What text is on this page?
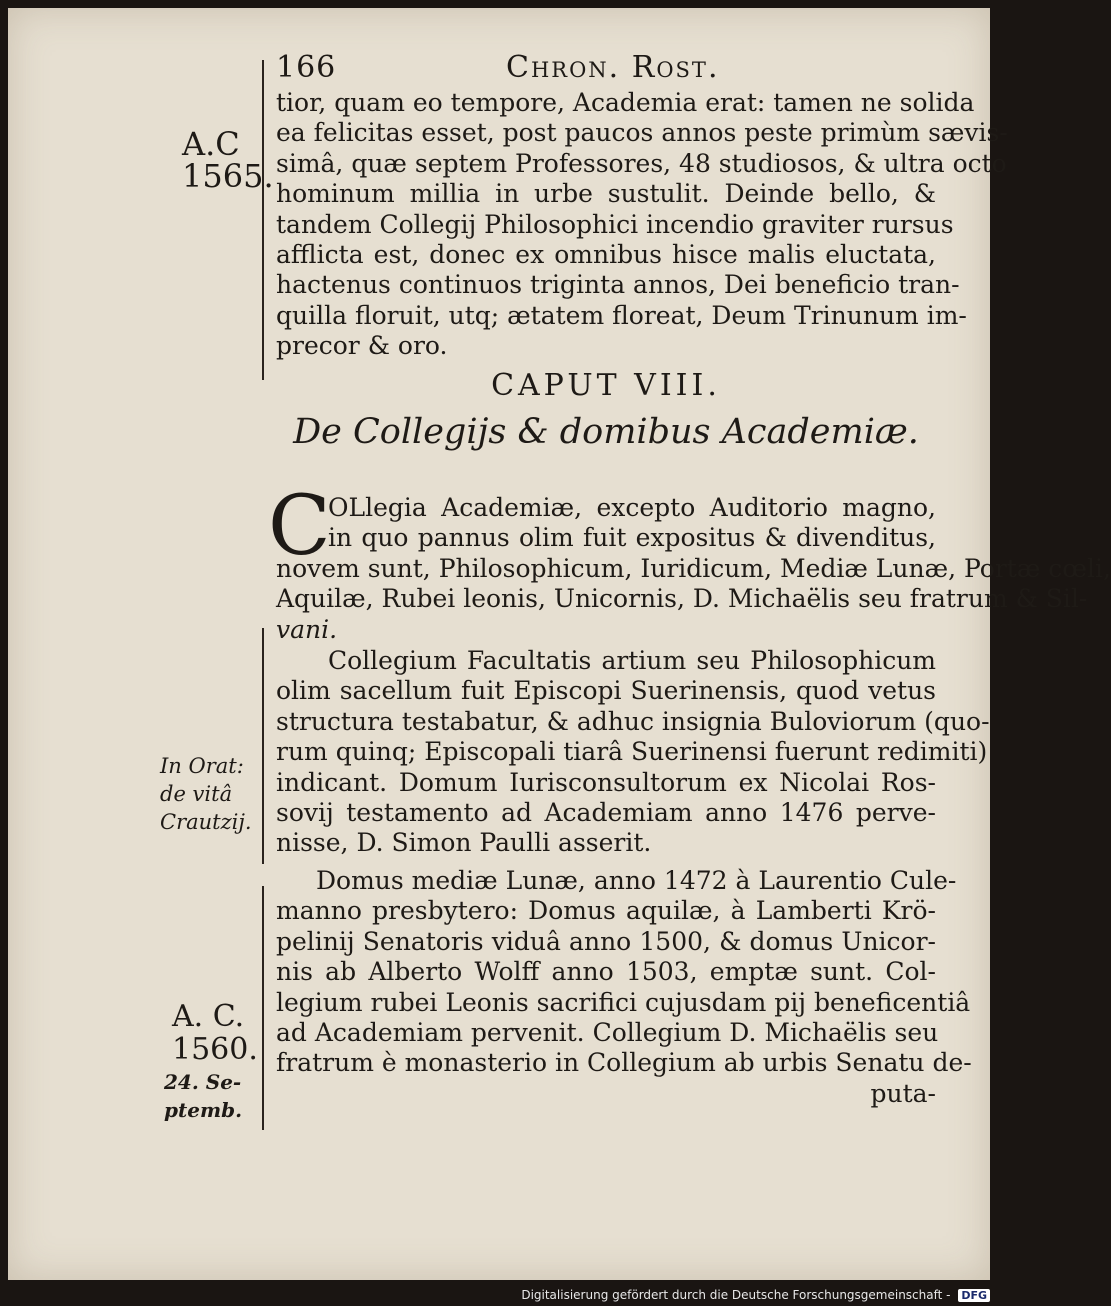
166	Chron. Rost.
A.C
1565.
In Orat:
de vitâ
Crautzij.
A. C.
1560.
24. Se-
ptemb.
tior, quam eo tempore, Academia erat: tamen ne solida
ea felicitas esset, post paucos annos peste primùm sævis-
simâ, quæ septem Professores, 48 studiosos, & ultra octo
hominum millia in urbe sustulit. Deinde bello, &
tandem Collegij Philosophici incendio graviter rursus
afflicta est, donec ex omnibus hisce malis eluctata,
hactenus continuos triginta annos, Dei beneficio tran-
quilla floruit, utq; ætatem floreat, Deum Trinunum im-
precor & oro.
CAPUT VIII.
De Collegijs & domibus Academiæ.
C
OLlegia Academiæ, excepto Auditorio magno,
in quo pannus olim fuit expositus & divenditus,
novem sunt, Philosophicum, Iuridicum, Mediæ Lunæ, Portæ cœli,
Aquilæ, Rubei leonis, Unicornis, D. Michaëlis seu fratrum & Sil-
vani.
Collegium Facultatis artium seu Philosophicum
olim sacellum fuit Episcopi Suerinensis, quod vetus
structura testabatur, & adhuc insignia Buloviorum (quo-
rum quinq; Episcopali tiarâ Suerinensi fuerunt redimiti)
indicant. Domum Iurisconsultorum ex Nicolai Ros-
sovij testamento ad Academiam anno 1476 perve-
nisse, D. Simon Paulli asserit.
Domus mediæ Lunæ, anno 1472 à Laurentio Cule-
manno presbytero: Domus aquilæ, à Lamberti Krö-
pelinij Senatoris viduâ anno 1500, & domus Unicor-
nis ab Alberto Wolff anno 1503, emptæ sunt. Col-
legium rubei Leonis sacrifici cujusdam pij beneficentiâ
ad Academiam pervenit. Collegium D. Michaëlis seu
fratrum è monasterio in Collegium ab urbis Senatu de-
puta-
Digitalisierung gefördert durch die Deutsche Forschungsgemeinschaft - DFG
